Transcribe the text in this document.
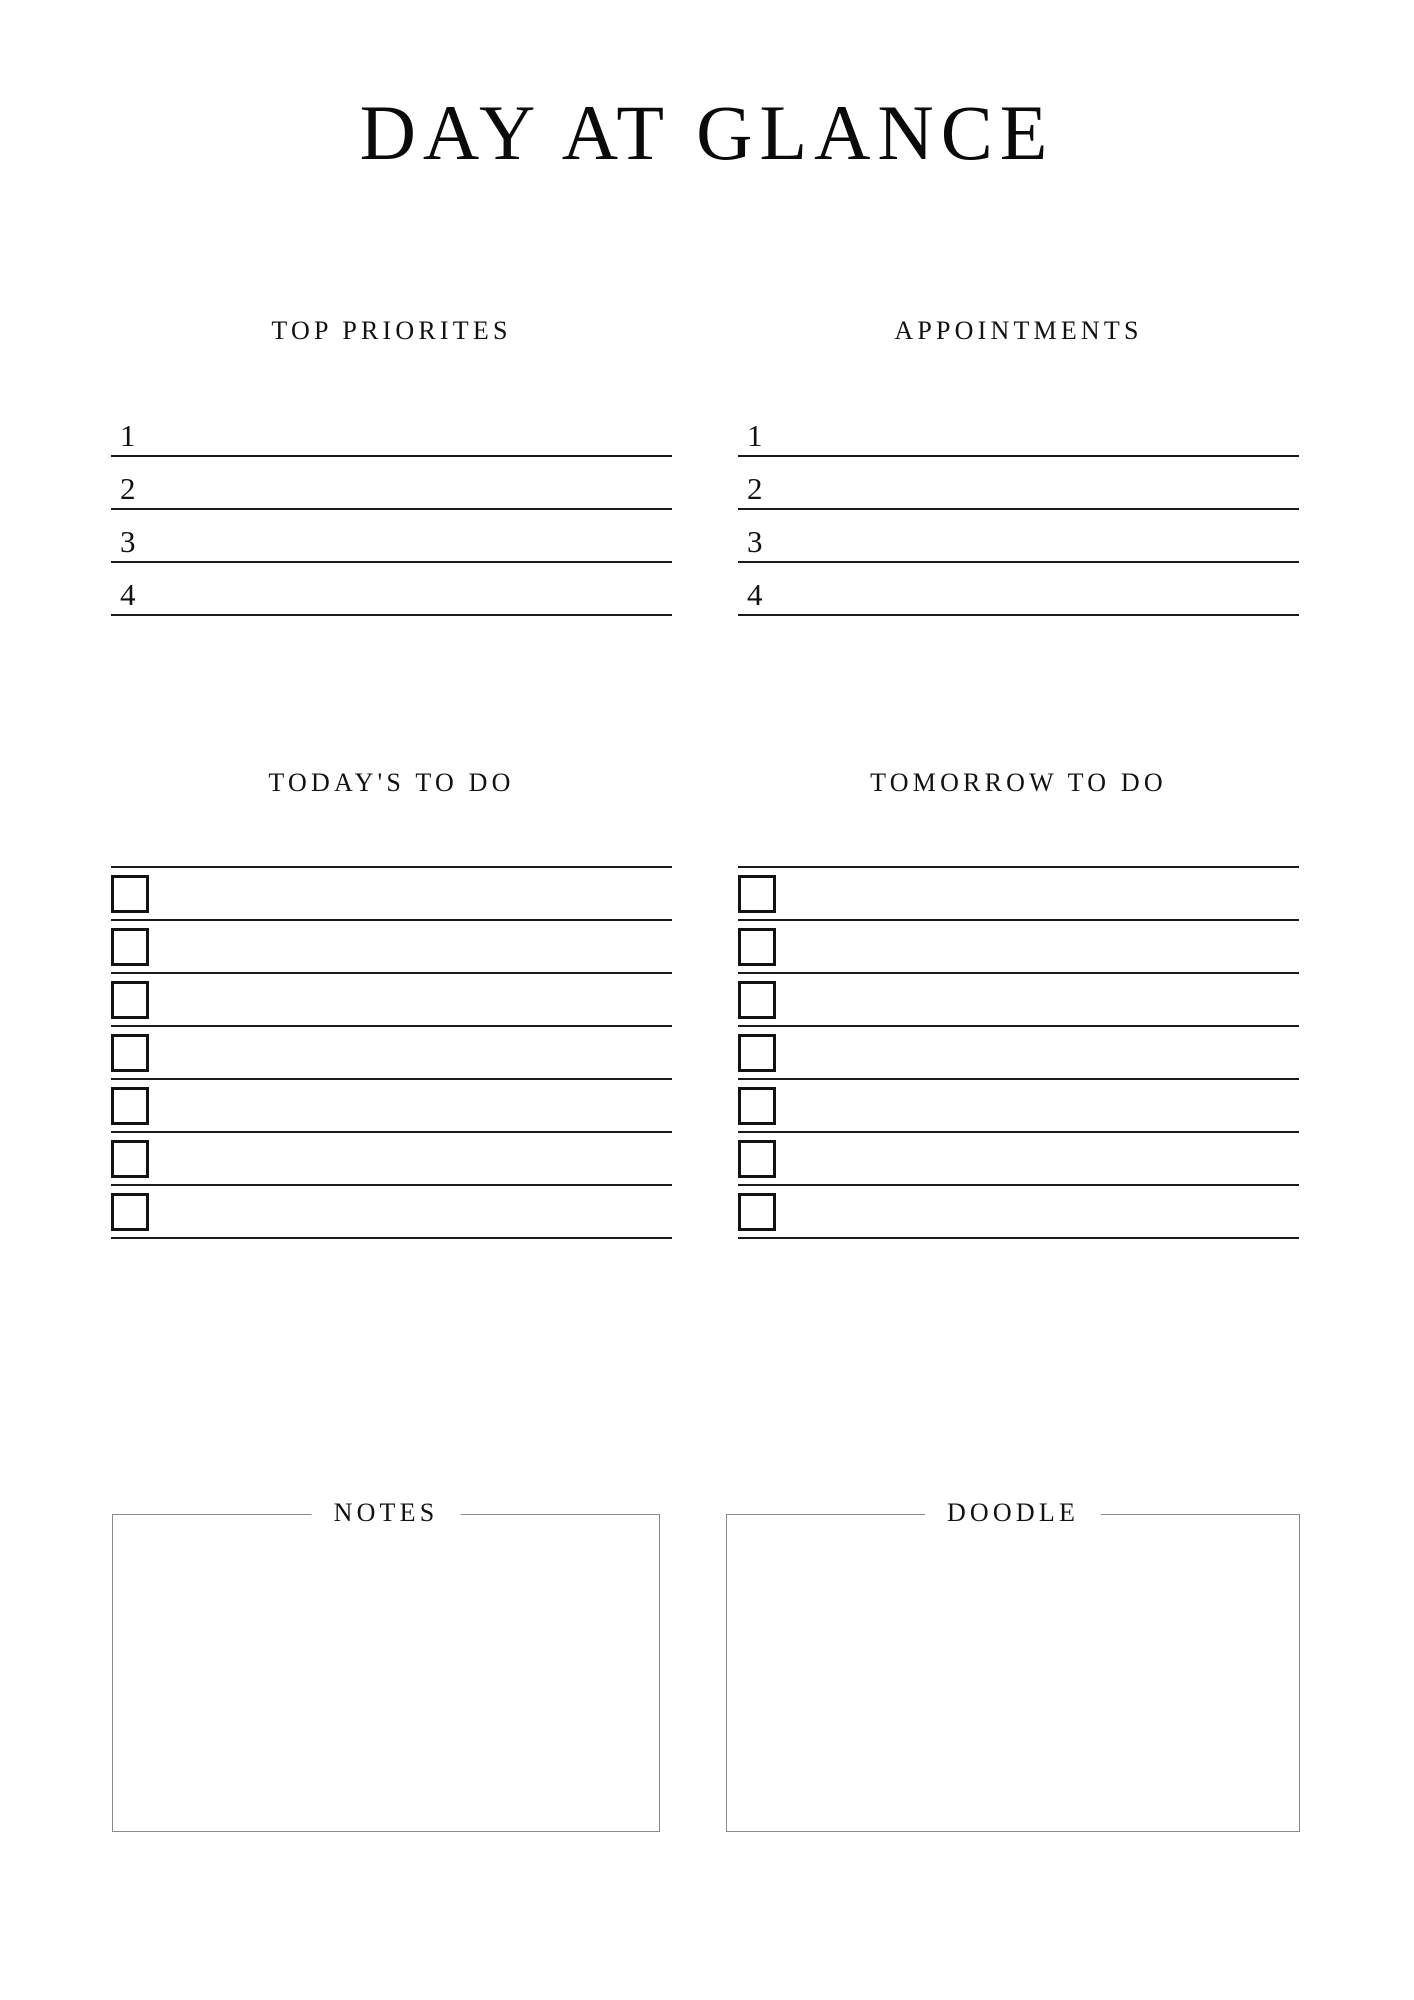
DAY AT GLANCE
TOP PRIORITES
1
2
3
4
APPOINTMENTS
1
2
3
4
TODAY'S TO DO	TOMORROW TO DO
NOTES	DOODLE
